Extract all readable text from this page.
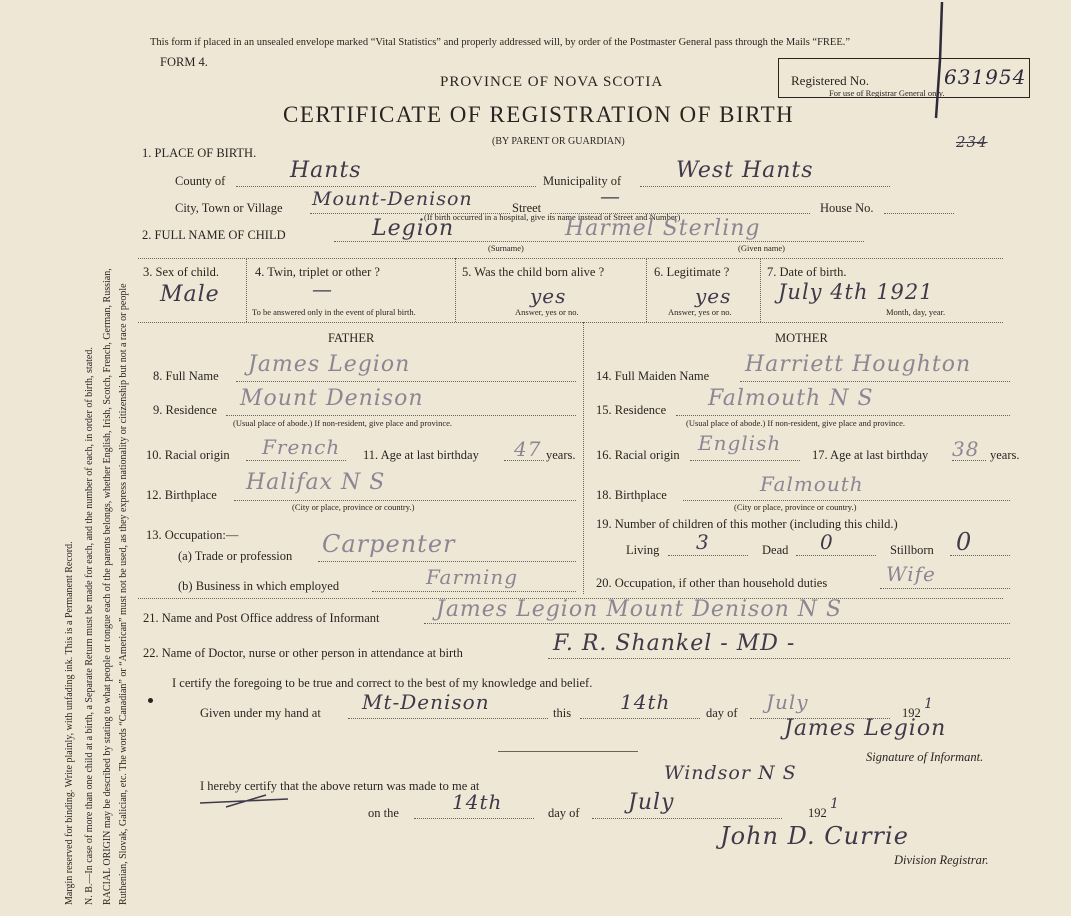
Margin reserved for binding. Write plainly, with unfading ink. This is a Permanent Record. N. B.—In case of more than one child at a birth, a Separate Return must be made for each, and the number of each, in order of birth, stated. RACIAL ORIGIN may be described by stating to what people or tongue each of the parents belongs, whether English, Irish, Scotch, French, German, Russian, Ruthenian, Slovak, Galician, etc. The words “Canadian” or “American” must not be used, as they express nationality or citizenship but not a race or people
This form if placed in an unsealed envelope marked “Vital Statistics” and properly addressed will, by order of the Postmaster General pass through the Mails “FREE.”
FORM 4.
PROVINCE OF NOVA SCOTIA
CERTIFICATE OF REGISTRATION OF BIRTH
(BY PARENT OR GUARDIAN)
Registered No.	631954
For use of Registrar General only.
234
1. PLACE OF BIRTH.
County of	Hants	Municipality of West Hants
City, Town or Village Mount-Denison	Street	—	House No.
(If birth occurred in a hospital, give its name instead of Street and Number)
2. FULL NAME OF CHILD	Legion	Harmel Sterling
(Surname)	(Given name)
3. Sex of child.
Male
4. Twin, triplet or other ?
—
To be answered only in the event of plural birth.
5. Was the child born alive ?
yes
Answer, yes or no.
6. Legitimate ?
yes
Answer, yes or no.
7. Date of birth.
July 4th 1921
Month, day, year.
FATHER
8. Full Name James Legion
9. Residence Mount Denison
(Usual place of abode.) If non-resident, give place and province.
10. Racial origin French 11. Age at last birthday 47 years.
12. Birthplace Halifax N S
(City or place, province or country.)
13. Occupation:—
(a) Trade or profession Carpenter
(b) Business in which employed	Farming
MOTHER
14. Full Maiden Name Harriett Houghton
15. Residence Falmouth N S
(Usual place of abode.) If non-resident, give place and province.
16. Racial origin English 17. Age at last birthday 38 years.
18. Birthplace	Falmouth
(City or place, province or country.)
19. Number of children of this mother (including this child.)
Living 3	Dead 0	Stillborn 0
20. Occupation, if other than household duties	Wife
21. Name and Post Office address of Informant	James Legion Mount Denison N S
22. Name of Doctor, nurse or other person in attendance at birth	F. R. Shankel - MD -
I certify the foregoing to be true and correct to the best of my knowledge and belief.
Given under my hand at Mt-Denison	this 14th	day of July	192
1
James Legion
Signature of Informant.
I hereby certify that the above return was made to me at
Windsor N S
on the	14th	day of July	192
1
John D. Currie
Division Registrar.
